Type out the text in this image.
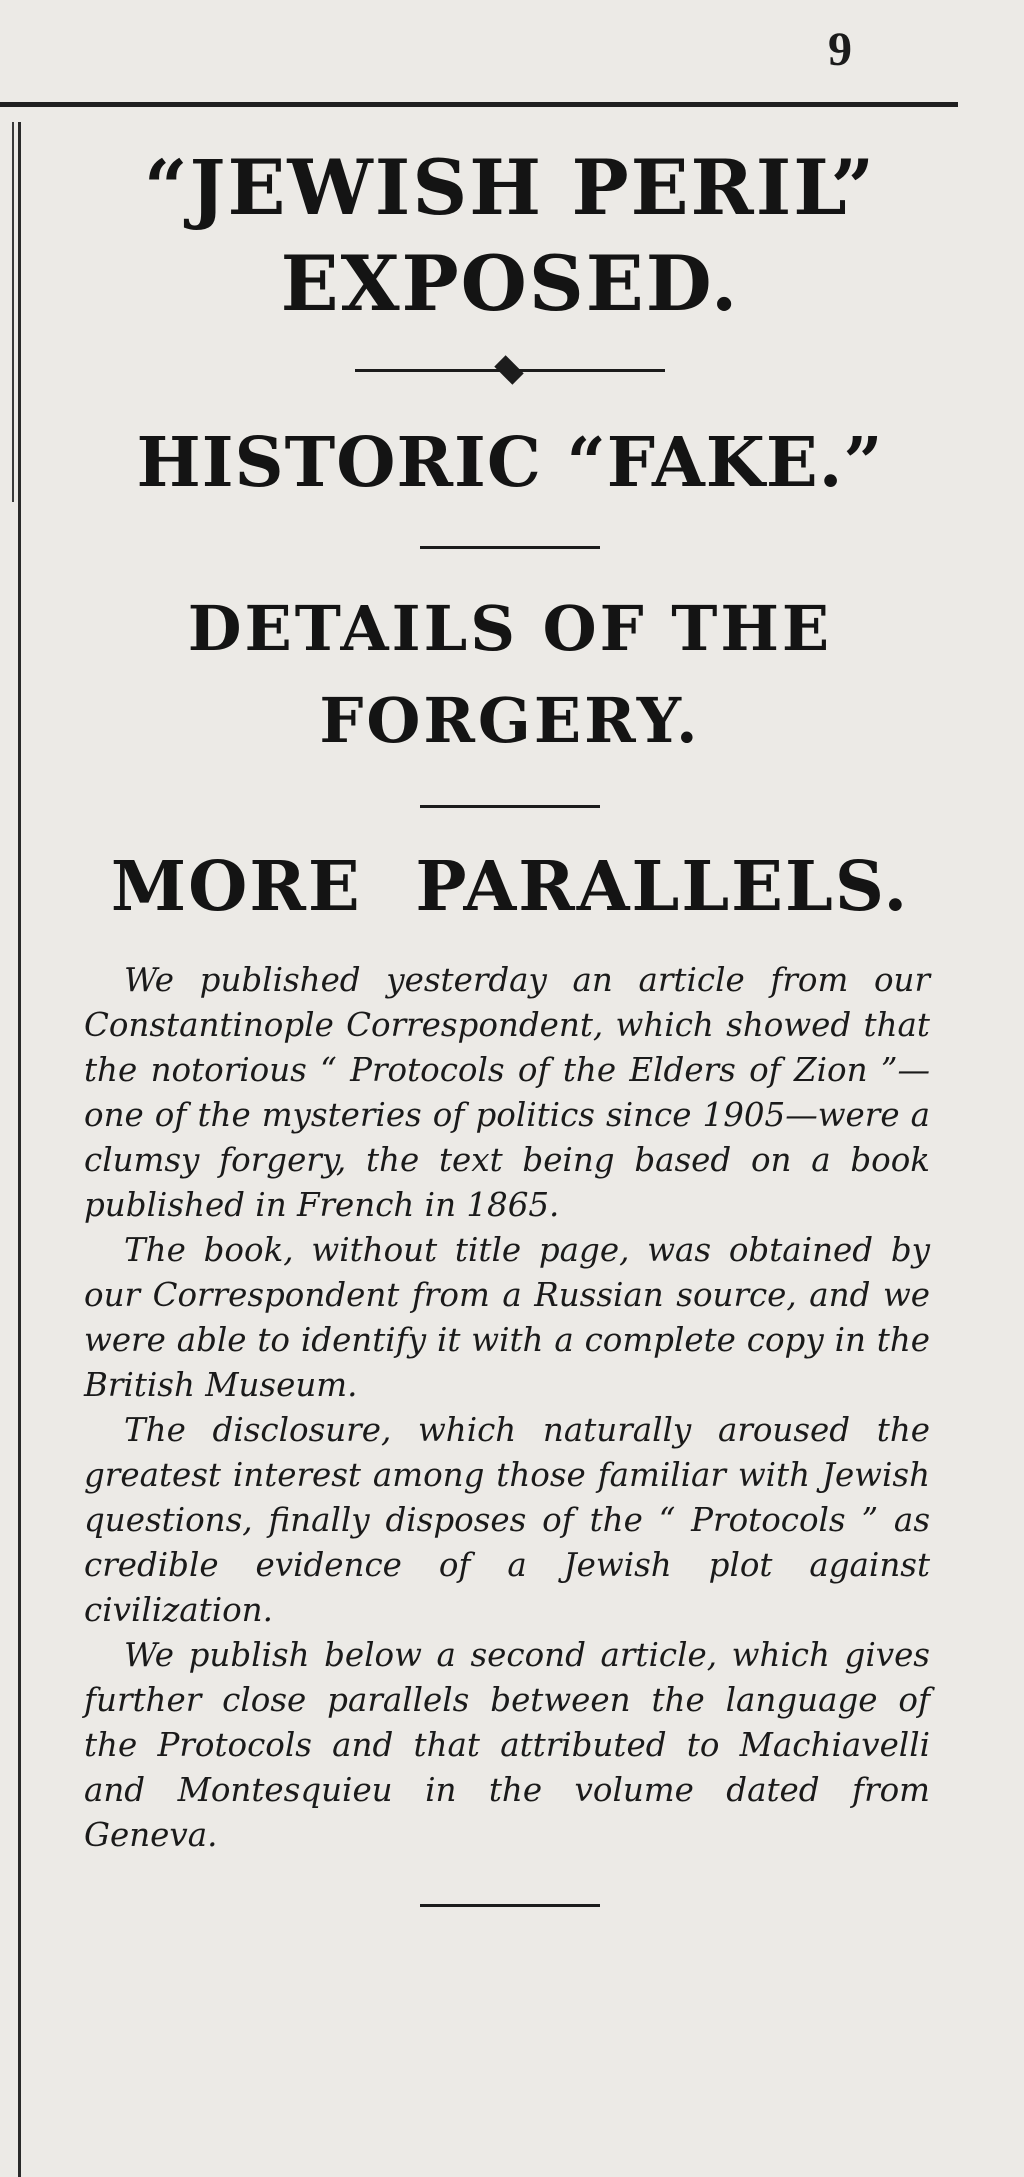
9
“JEWISH PERIL”
EXPOSED.
HISTORIC “FAKE.”
DETAILS OF THE
FORGERY.
MORE PARALLELS.

We published yesterday an article from our Constantinople Correspondent, which showed that the notorious “ Protocols of the Elders of Zion ”— one of the mysteries of politics since 1905—were a clumsy forgery, the text being based on a book published in French in 1865.

The book, without title page, was obtained by our Correspondent from a Russian source, and we were able to identify it with a complete copy in the British Museum.

The disclosure, which naturally aroused the greatest interest among those familiar with Jewish questions, finally disposes of the “ Protocols ” as credible evidence of a Jewish plot against civilization.

We publish below a second article, which gives further close parallels between the language of the Protocols and that attributed to Machiavelli and Montesquieu in the volume dated from Geneva.
